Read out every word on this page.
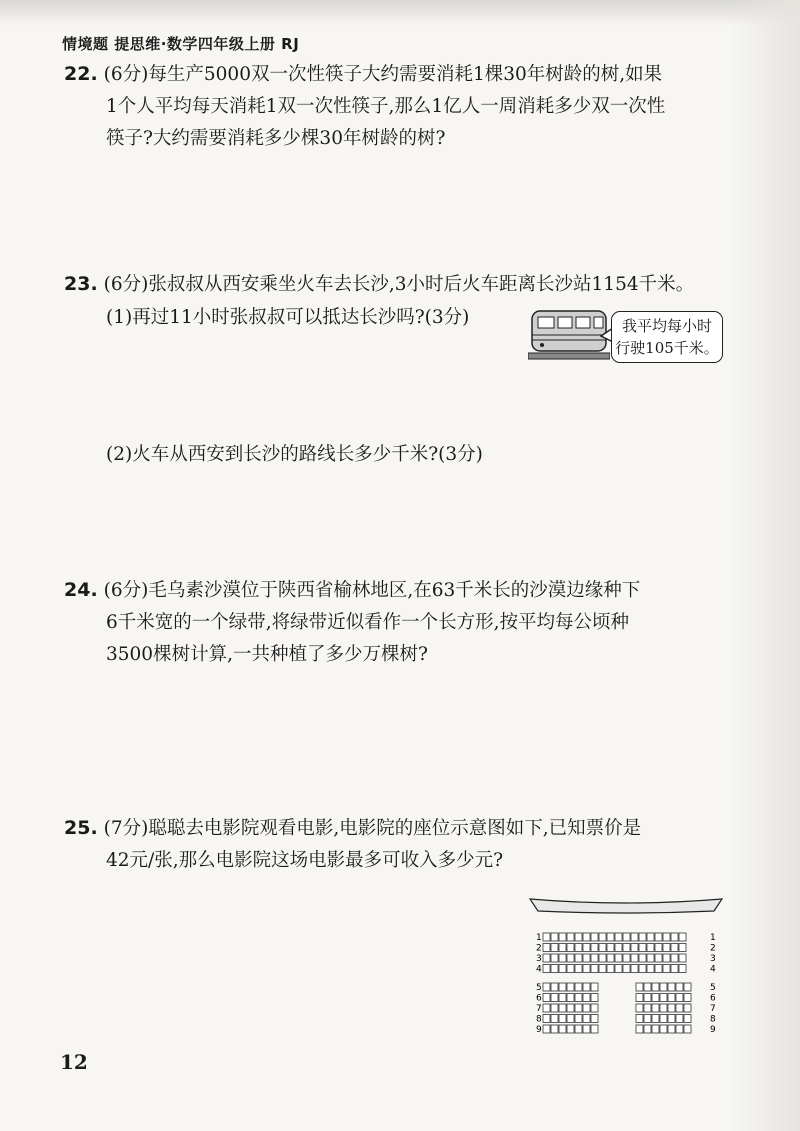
情境题 提思维·数学四年级上册 RJ
22. (6分)每生产5000双一次性筷子大约需要消耗1棵30年树龄的树,如果
1个人平均每天消耗1双一次性筷子,那么1亿人一周消耗多少双一次性
筷子?大约需要消耗多少棵30年树龄的树?
23. (6分)张叔叔从西安乘坐火车去长沙,3小时后火车距离长沙站1154千米。
(1)再过11小时张叔叔可以抵达长沙吗?(3分)	我平均每小时
行驶105千米。
(2)火车从西安到长沙的路线长多少千米?(3分)
24. (6分)毛乌素沙漠位于陕西省榆林地区,在63千米长的沙漠边缘种下
6千米宽的一个绿带,将绿带近似看作一个长方形,按平均每公顷种
3500棵树计算,一共种植了多少万棵树?
25. (7分)聪聪去电影院观看电影,电影院的座位示意图如下,已知票价是
42元/张,那么电影院这场电影最多可收入多少元?
1	1
2	2
3	3
4	4
5	5
6	6
7	7
8	8
9	9
12
